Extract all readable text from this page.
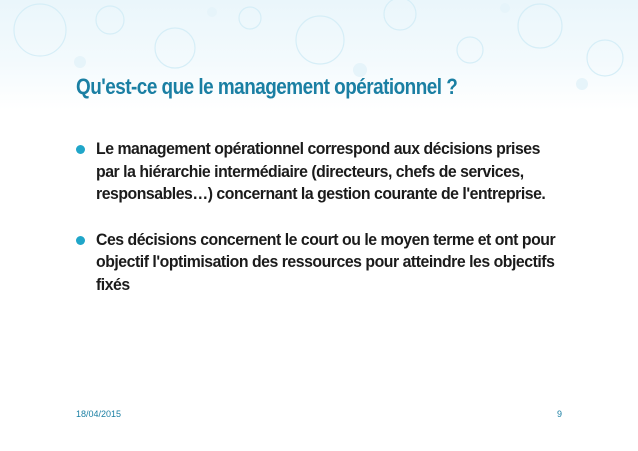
Qu'est-ce que le management opérationnel ?
Le management opérationnel correspond aux décisions prises par la hiérarchie intermédiaire (directeurs, chefs de services, responsables…) concernant la gestion courante de l'entreprise.
Ces décisions concernent le court ou le moyen terme et ont pour objectif l'optimisation des ressources pour atteindre les objectifs fixés
18/04/2015	9
